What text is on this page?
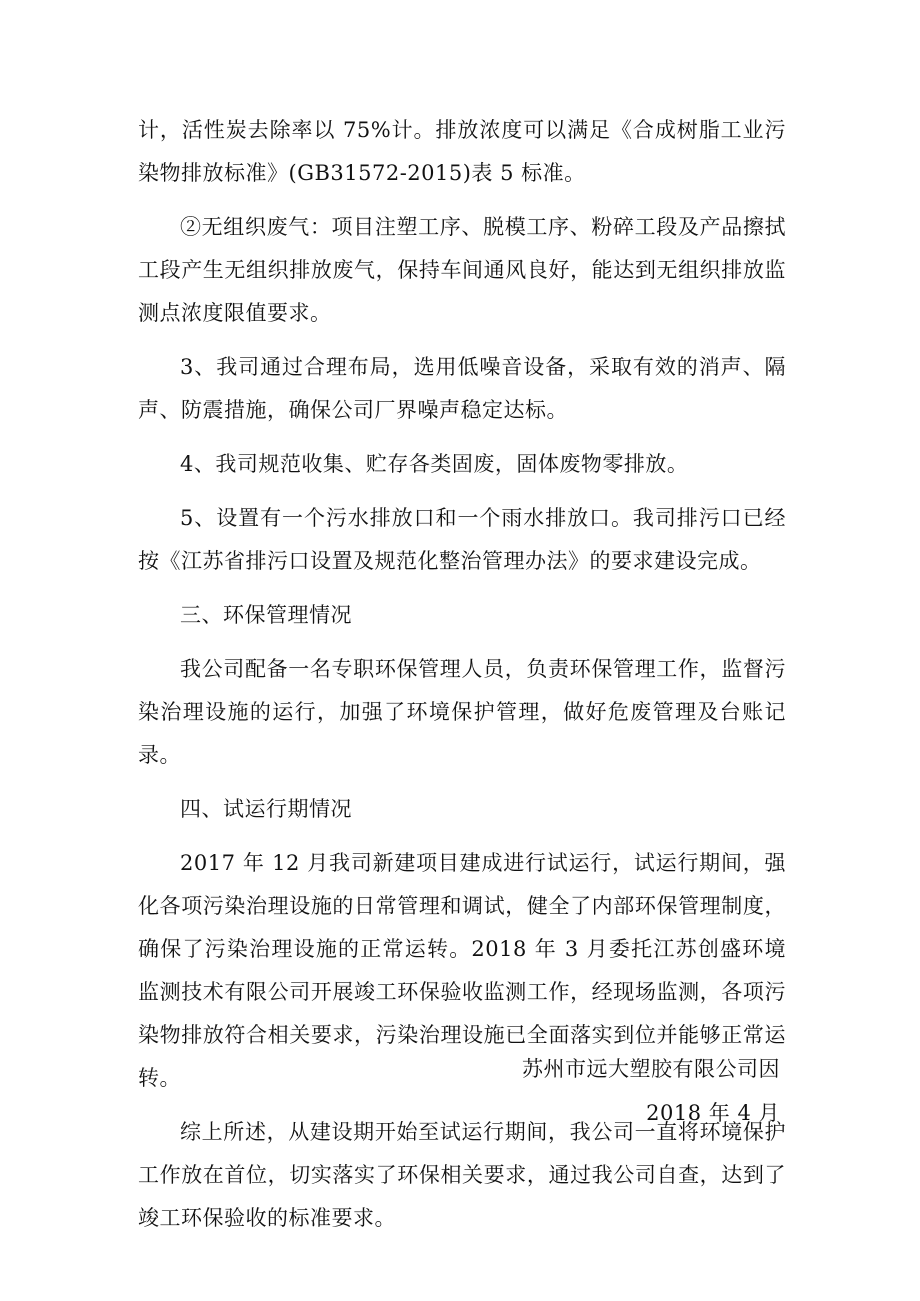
计，活性炭去除率以 75%计。排放浓度可以满足《合成树脂工业污染物排放标准》(GB31572-2015)表 5 标准。

②无组织废气：项目注塑工序、脱模工序、粉碎工段及产品擦拭工段产生无组织排放废气，保持车间通风良好，能达到无组织排放监测点浓度限值要求。

3、我司通过合理布局，选用低噪音设备，采取有效的消声、隔声、防震措施，确保公司厂界噪声稳定达标。

4、我司规范收集、贮存各类固废，固体废物零排放。

5、设置有一个污水排放口和一个雨水排放口。我司排污口已经按《江苏省排污口设置及规范化整治管理办法》的要求建设完成。

三、环保管理情况

我公司配备一名专职环保管理人员，负责环保管理工作，监督污染治理设施的运行，加强了环境保护管理，做好危废管理及台账记录。

四、试运行期情况

2017 年 12 月我司新建项目建成进行试运行，试运行期间，强化各项污染治理设施的日常管理和调试，健全了内部环保管理制度，确保了污染治理设施的正常运转。2018 年 3 月委托江苏创盛环境监测技术有限公司开展竣工环保验收监测工作，经现场监测，各项污染物排放符合相关要求，污染治理设施已全面落实到位并能够正常运转。

综上所述，从建设期开始至试运行期间，我公司一直将环境保护工作放在首位，切实落实了环保相关要求，通过我公司自查，达到了竣工环保验收的标准要求。

苏州市远大塑胶有限公司因
2018 年 4 月
